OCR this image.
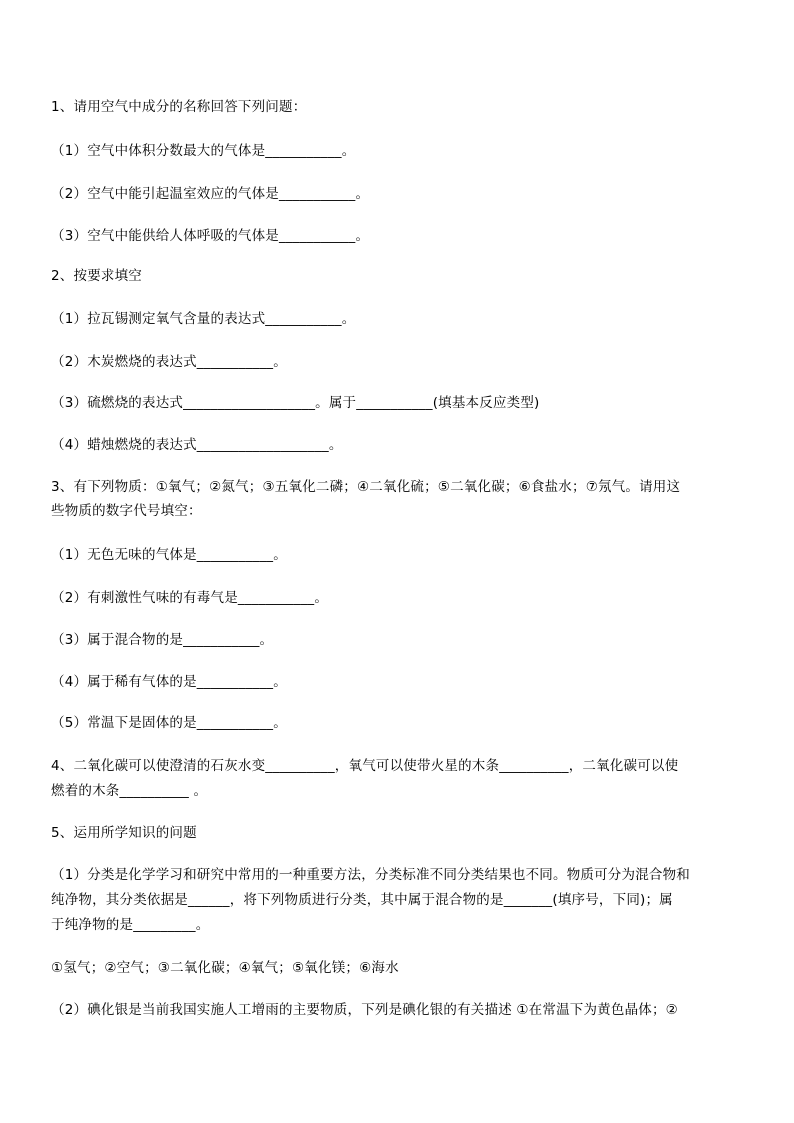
1、请用空气中成分的名称回答下列问题：
（1）空气中体积分数最大的气体是___________。
（2）空气中能引起温室效应的气体是___________。
（3）空气中能供给人体呼吸的气体是___________。
2、按要求填空
（1）拉瓦锡测定氧气含量的表达式___________。
（2）木炭燃烧的表达式___________。
（3）硫燃烧的表达式___________________。属于___________(填基本反应类型)
（4）蜡烛燃烧的表达式___________________。
3、有下列物质：①氧气；②氮气；③五氧化二磷；④二氧化硫；⑤二氧化碳；⑥食盐水；⑦氖气。请用这
些物质的数字代号填空：
（1）无色无味的气体是___________。
（2）有刺激性气味的有毒气是___________。
（3）属于混合物的是___________。
（4）属于稀有气体的是___________。
（5）常温下是固体的是___________。
4、二氧化碳可以使澄清的石灰水变__________，氧气可以使带火星的木条__________，二氧化碳可以使
燃着的木条__________ 。
5、运用所学知识的问题
（1）分类是化学学习和研究中常用的一种重要方法，分类标准不同分类结果也不同。物质可分为混合物和
纯净物，其分类依据是______，将下列物质进行分类，其中属于混合物的是_______(填序号，下同)；属
于纯净物的是_________。
①氢气；②空气；③二氧化碳；④氧气；⑤氧化镁；⑥海水
（2）碘化银是当前我国实施人工增雨的主要物质，下列是碘化银的有关描述 ①在常温下为黄色晶体；②
